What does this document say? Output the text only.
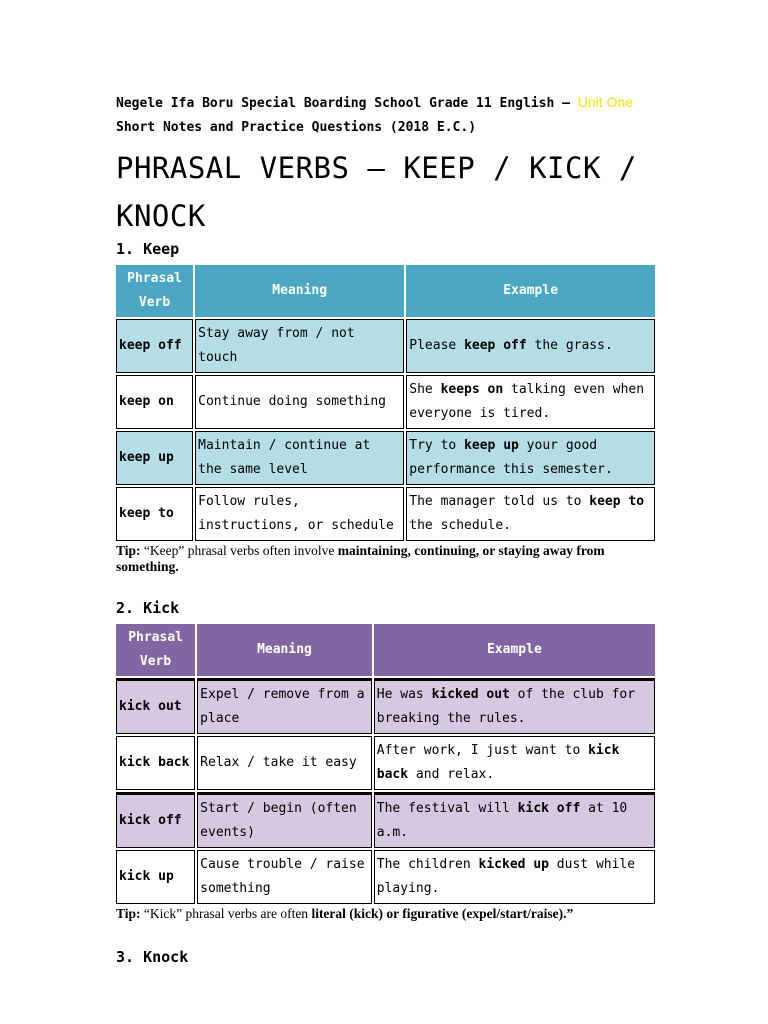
Negele Ifa Boru Special Boarding School Grade 11 English – Unit One
Short Notes and Practice Questions (2018 E.C.)
PHRASAL VERBS – KEEP / KICK / KNOCK
1. Keep
Phrasal Verb	Meaning	Example
keep off	Stay away from / not touch	Please keep off the grass.
keep on	Continue doing something	She keeps on talking even when everyone is tired.
keep up	Maintain / continue at the same level	Try to keep up your good performance this semester.
keep to	Follow rules, instructions, or schedule	The manager told us to keep to the schedule.
Tip: “Keep” phrasal verbs often involve maintaining, continuing, or staying away from something.
2. Kick
Phrasal Verb	Meaning	Example
kick out	Expel / remove from a place	He was kicked out of the club for breaking the rules.
kick back	Relax / take it easy	After work, I just want to kick back and relax.
kick off	Start / begin (often events)	The festival will kick off at 10 a.m.
kick up	Cause trouble / raise something	The children kicked up dust while playing.
Tip: “Kick” phrasal verbs are often literal (kick) or figurative (expel/start/raise).”
3. Knock
